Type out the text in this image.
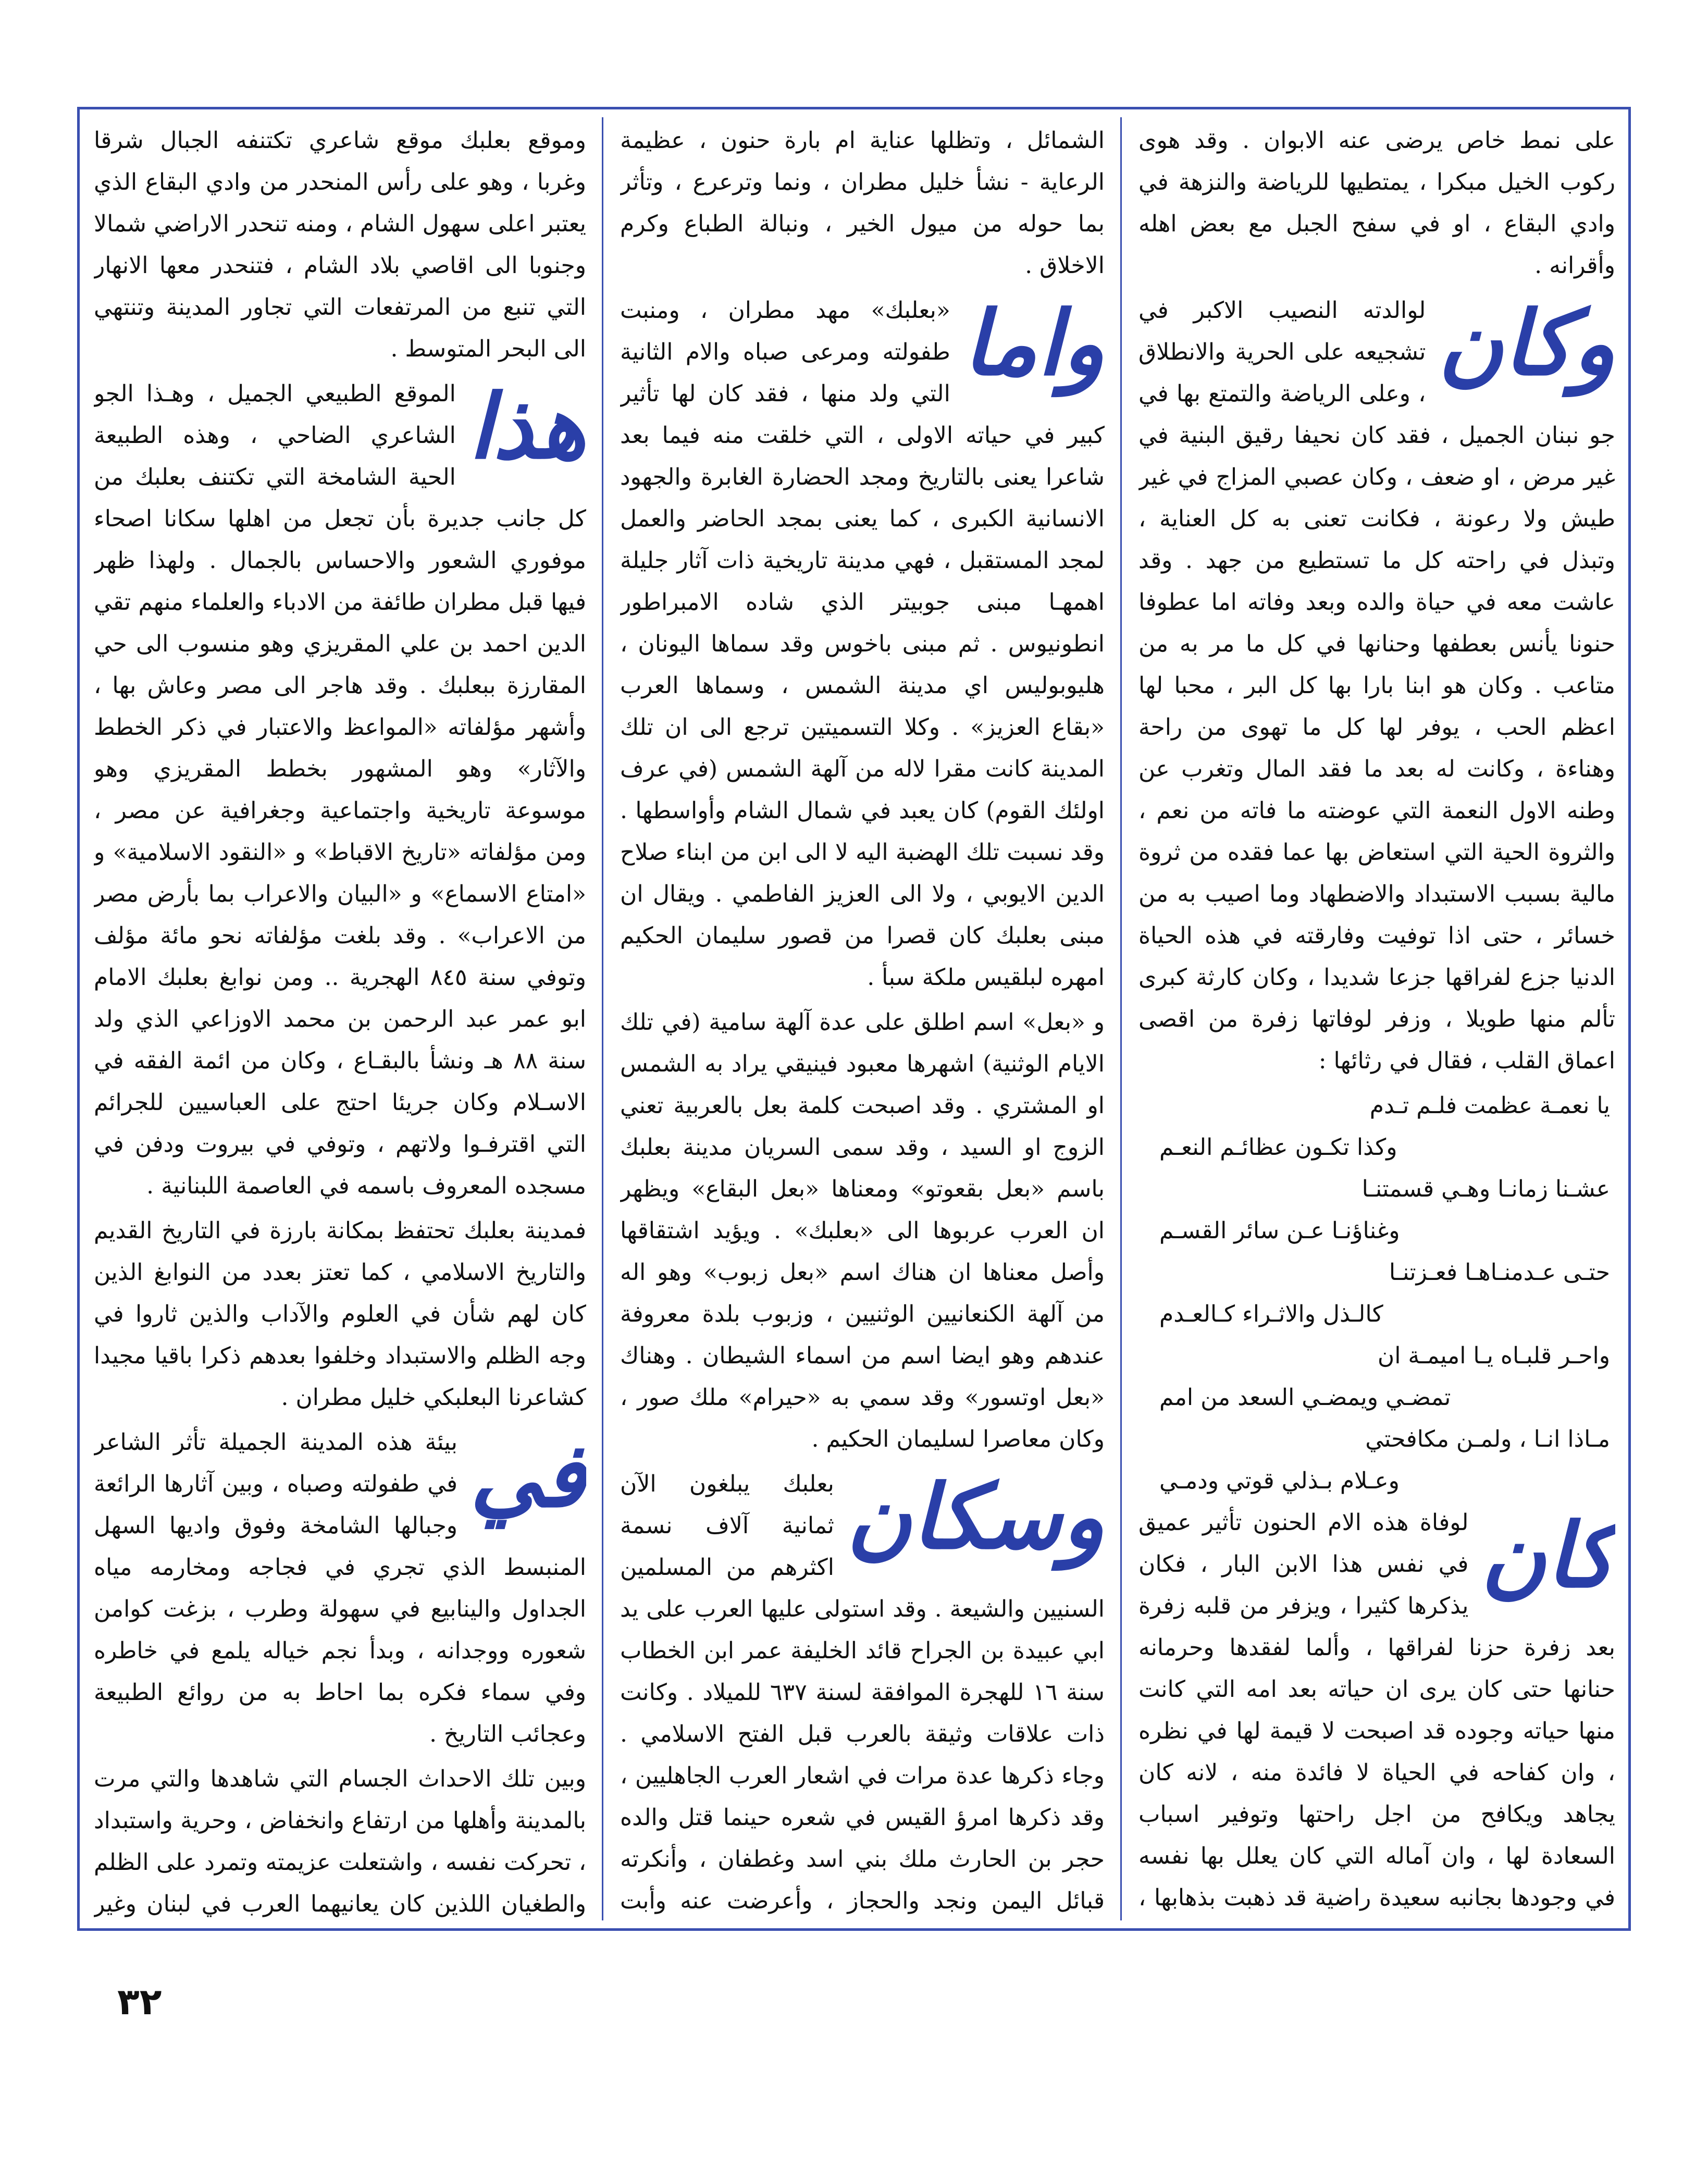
على نمط خاص يرضى عنه الابوان . وقد هوى ركوب الخيل مبكرا ، يمتطيها للرياضة والنزهة في وادي البقاع ، او في سفح الجبل مع بعض اهله وأقرانه .

وكان
لوالدته النصيب الاكبر في تشجيعه على الحرية والانطلاق ، وعلى الرياضة والتمتع بها في جو نبنان الجميل ، فقد كان نحيفا رقيق البنية في غير مرض ، او ضعف ، وكان عصبي المزاج في غير طيش ولا رعونة ، فكانت تعنى به كل العناية ، وتبذل في راحته كل ما تستطيع من جهد . وقد عاشت معه في حياة والده وبعد وفاته اما عطوفا حنونا يأنس بعطفها وحنانها في كل ما مر به من متاعب . وكان هو ابنا بارا بها كل البر ، محبا لها اعظم الحب ، يوفر لها كل ما تهوى من راحة وهناءة ، وكانت له بعد ما فقد المال وتغرب عن وطنه الاول النعمة التي عوضته ما فاته من نعم ، والثروة الحية التي استعاض بها عما فقده من ثروة مالية بسبب الاستبداد والاضطهاد وما اصيب به من خسائر ، حتى اذا توفيت وفارقته في هذه الحياة الدنيا جزع لفراقها جزعا شديدا ، وكان كارثة كبرى تألم منها طويلا ، وزفر لوفاتها زفرة من اقصى اعماق القلب ، فقال في رثائها :

يا نعمـة عظمت فلـم تـدم
وكذا تكـون عظائـم النعـم
عشـنا زمانـا وهـي قسمتنـا
وغناؤنـا عـن سائر القسـم
حتـى عـدمنـاهـا فعـزتنـا
كالـذل والاثـراء كـالعـدم
واحـر قلبـاه يـا اميمـة ان
تمضـي ويمضـي السعد من امم
مـاذا انـا ، ولمـن مكافحتي
وعـلام بـذلي قوتي ودمـي

كان
لوفاة هذه الام الحنون تأثير عميق في نفس هذا الابن البار ، فكان يذكرها كثيرا ، ويزفر من قلبه زفرة بعد زفرة حزنا لفراقها ، وألما لفقدها وحرمانه حنانها حتى كان يرى ان حياته بعد امه التي كانت منها حياته وجوده قد اصبحت لا قيمة لها في نظره ، وان كفاحه في الحياة لا فائدة منه ، لانه كان يجاهد ويكافح من اجل راحتها وتوفير اسباب السعادة لها ، وان آماله التي كان يعلل بها نفسه في وجودها بجانبه سعيدة راضية قد ذهبت بذهابها ،

الشمائل ، وتظلها عناية ام بارة حنون ، عظيمة الرعاية - نشأ خليل مطران ، ونما وترعرع ، وتأثر بما حوله من ميول الخير ، ونبالة الطباع وكرم الاخلاق .

واما
«بعلبك» مهد مطران ، ومنبت طفولته ومرعى صباه والام الثانية التي ولد منها ، فقد كان لها تأثير كبير في حياته الاولى ، التي خلقت منه فيما بعد شاعرا يعنى بالتاريخ ومجد الحضارة الغابرة والجهود الانسانية الكبرى ، كما يعنى بمجد الحاضر والعمل لمجد المستقبل ، فهي مدينة تاريخية ذات آثار جليلة اهمهـا مبنى جوبيتر الذي شاده الامبراطور انطونيوس . ثم مبنى باخوس وقد سماها اليونان ، هليوبوليس اي مدينة الشمس ، وسماها العرب «بقاع العزيز» . وكلا التسميتين ترجع الى ان تلك المدينة كانت مقرا لاله من آلهة الشمس (في عرف اولئك القوم) كان يعبد في شمال الشام وأواسطها . وقد نسبت تلك الهضبة اليه لا الى ابن من ابناء صلاح الدين الايوبي ، ولا الى العزيز الفاطمي . ويقال ان مبنى بعلبك كان قصرا من قصور سليمان الحكيم امهره لبلقيس ملكة سبأ .

و «بعل» اسم اطلق على عدة آلهة سامية (في تلك الايام الوثنية) اشهرها معبود فينيقي يراد به الشمس او المشتري . وقد اصبحت كلمة بعل بالعربية تعني الزوج او السيد ، وقد سمى السريان مدينة بعلبك باسم «بعل بقعوتو» ومعناها «بعل البقاع» ويظهر ان العرب عربوها الى «بعلبك» . ويؤيد اشتقاقها وأصل معناها ان هناك اسم «بعل زبوب» وهو اله من آلهة الكنعانيين الوثنيين ، وزبوب بلدة معروفة عندهم وهو ايضا اسم من اسماء الشيطان . وهناك «بعل اوتسور» وقد سمي به «حيرام» ملك صور ، وكان معاصرا لسليمان الحكيم .

وسكان
بعلبك يبلغون الآن ثمانية آلاف نسمة اكثرهم من المسلمين السنيين والشيعة . وقد استولى عليها العرب على يد ابي عبيدة بن الجراح قائد الخليفة عمر ابن الخطاب سنة ١٦ للهجرة الموافقة لسنة ٦٣٧ للميلاد . وكانت ذات علاقات وثيقة بالعرب قبل الفتح الاسلامي . وجاء ذكرها عدة مرات في اشعار العرب الجاهليين ، وقد ذكرها امرؤ القيس في شعره حينما قتل والده حجر بن الحارث ملك بني اسد وغطفان ، وأنكرته قبائل اليمن ونجد والحجاز ، وأعرضت عنه وأبت

وموقع بعلبك موقع شاعري تكتنفه الجبال شرقا وغربا ، وهو على رأس المنحدر من وادي البقاع الذي يعتبر اعلى سهول الشام ، ومنه تنحدر الاراضي شمالا وجنوبا الى اقاصي بلاد الشام ، فتنحدر معها الانهار التي تنبع من المرتفعات التي تجاور المدينة وتنتهي الى البحر المتوسط .

هذا
الموقع الطبيعي الجميل ، وهـذا الجو الشاعري الضاحي ، وهذه الطبيعة الحية الشامخة التي تكتنف بعلبك من كل جانب جديرة بأن تجعل من اهلها سكانا اصحاء موفوري الشعور والاحساس بالجمال . ولهذا ظهر فيها قبل مطران طائفة من الادباء والعلماء منهم تقي الدين احمد بن علي المقريزي وهو منسوب الى حي المقارزة ببعلبك . وقد هاجر الى مصر وعاش بها ، وأشهر مؤلفاته «المواعظ والاعتبار في ذكر الخطط والآثار» وهو المشهور بخطط المقريزي وهو موسوعة تاريخية واجتماعية وجغرافية عن مصر ، ومن مؤلفاته «تاريخ الاقباط» و «النقود الاسلامية» و «امتاع الاسماع» و «البيان والاعراب بما بأرض مصر من الاعراب» . وقد بلغت مؤلفاته نحو مائة مؤلف وتوفي سنة ٨٤٥ الهجرية .. ومن نوابغ بعلبك الامام ابو عمر عبد الرحمن بن محمد الاوزاعي الذي ولد سنة ٨٨ هـ ونشأ بالبقـاع ، وكان من ائمة الفقه في الاسـلام وكان جريئا احتج على العباسيين للجرائم التي اقترفـوا ولاتهم ، وتوفي في بيروت ودفن في مسجده المعروف باسمه في العاصمة اللبنانية .

فمدينة بعلبك تحتفظ بمكانة بارزة في التاريخ القديم والتاريخ الاسلامي ، كما تعتز بعدد من النوابغ الذين كان لهم شأن في العلوم والآداب والذين ثاروا في وجه الظلم والاستبداد وخلفوا بعدهم ذكرا باقيا مجيدا كشاعرنا البعلبكي خليل مطران .

في
بيئة هذه المدينة الجميلة تأثر الشاعر في طفولته وصباه ، وبين آثارها الرائعة وجبالها الشامخة وفوق واديها السهل المنبسط الذي تجري في فجاجه ومخارمه مياه الجداول والينابيع في سهولة وطرب ، بزغت كوامن شعوره ووجدانه ، وبدأ نجم خياله يلمع في خاطره وفي سماء فكره بما احاط به من روائع الطبيعة وعجائب التاريخ .

وبين تلك الاحداث الجسام التي شاهدها والتي مرت بالمدينة وأهلها من ارتفاع وانخفاض ، وحرية واستبداد ، تحركت نفسه ، واشتعلت عزيمته وتمرد على الظلم والطغيان اللذين كان يعانيهما العرب في لبنان وغير

٣٢
